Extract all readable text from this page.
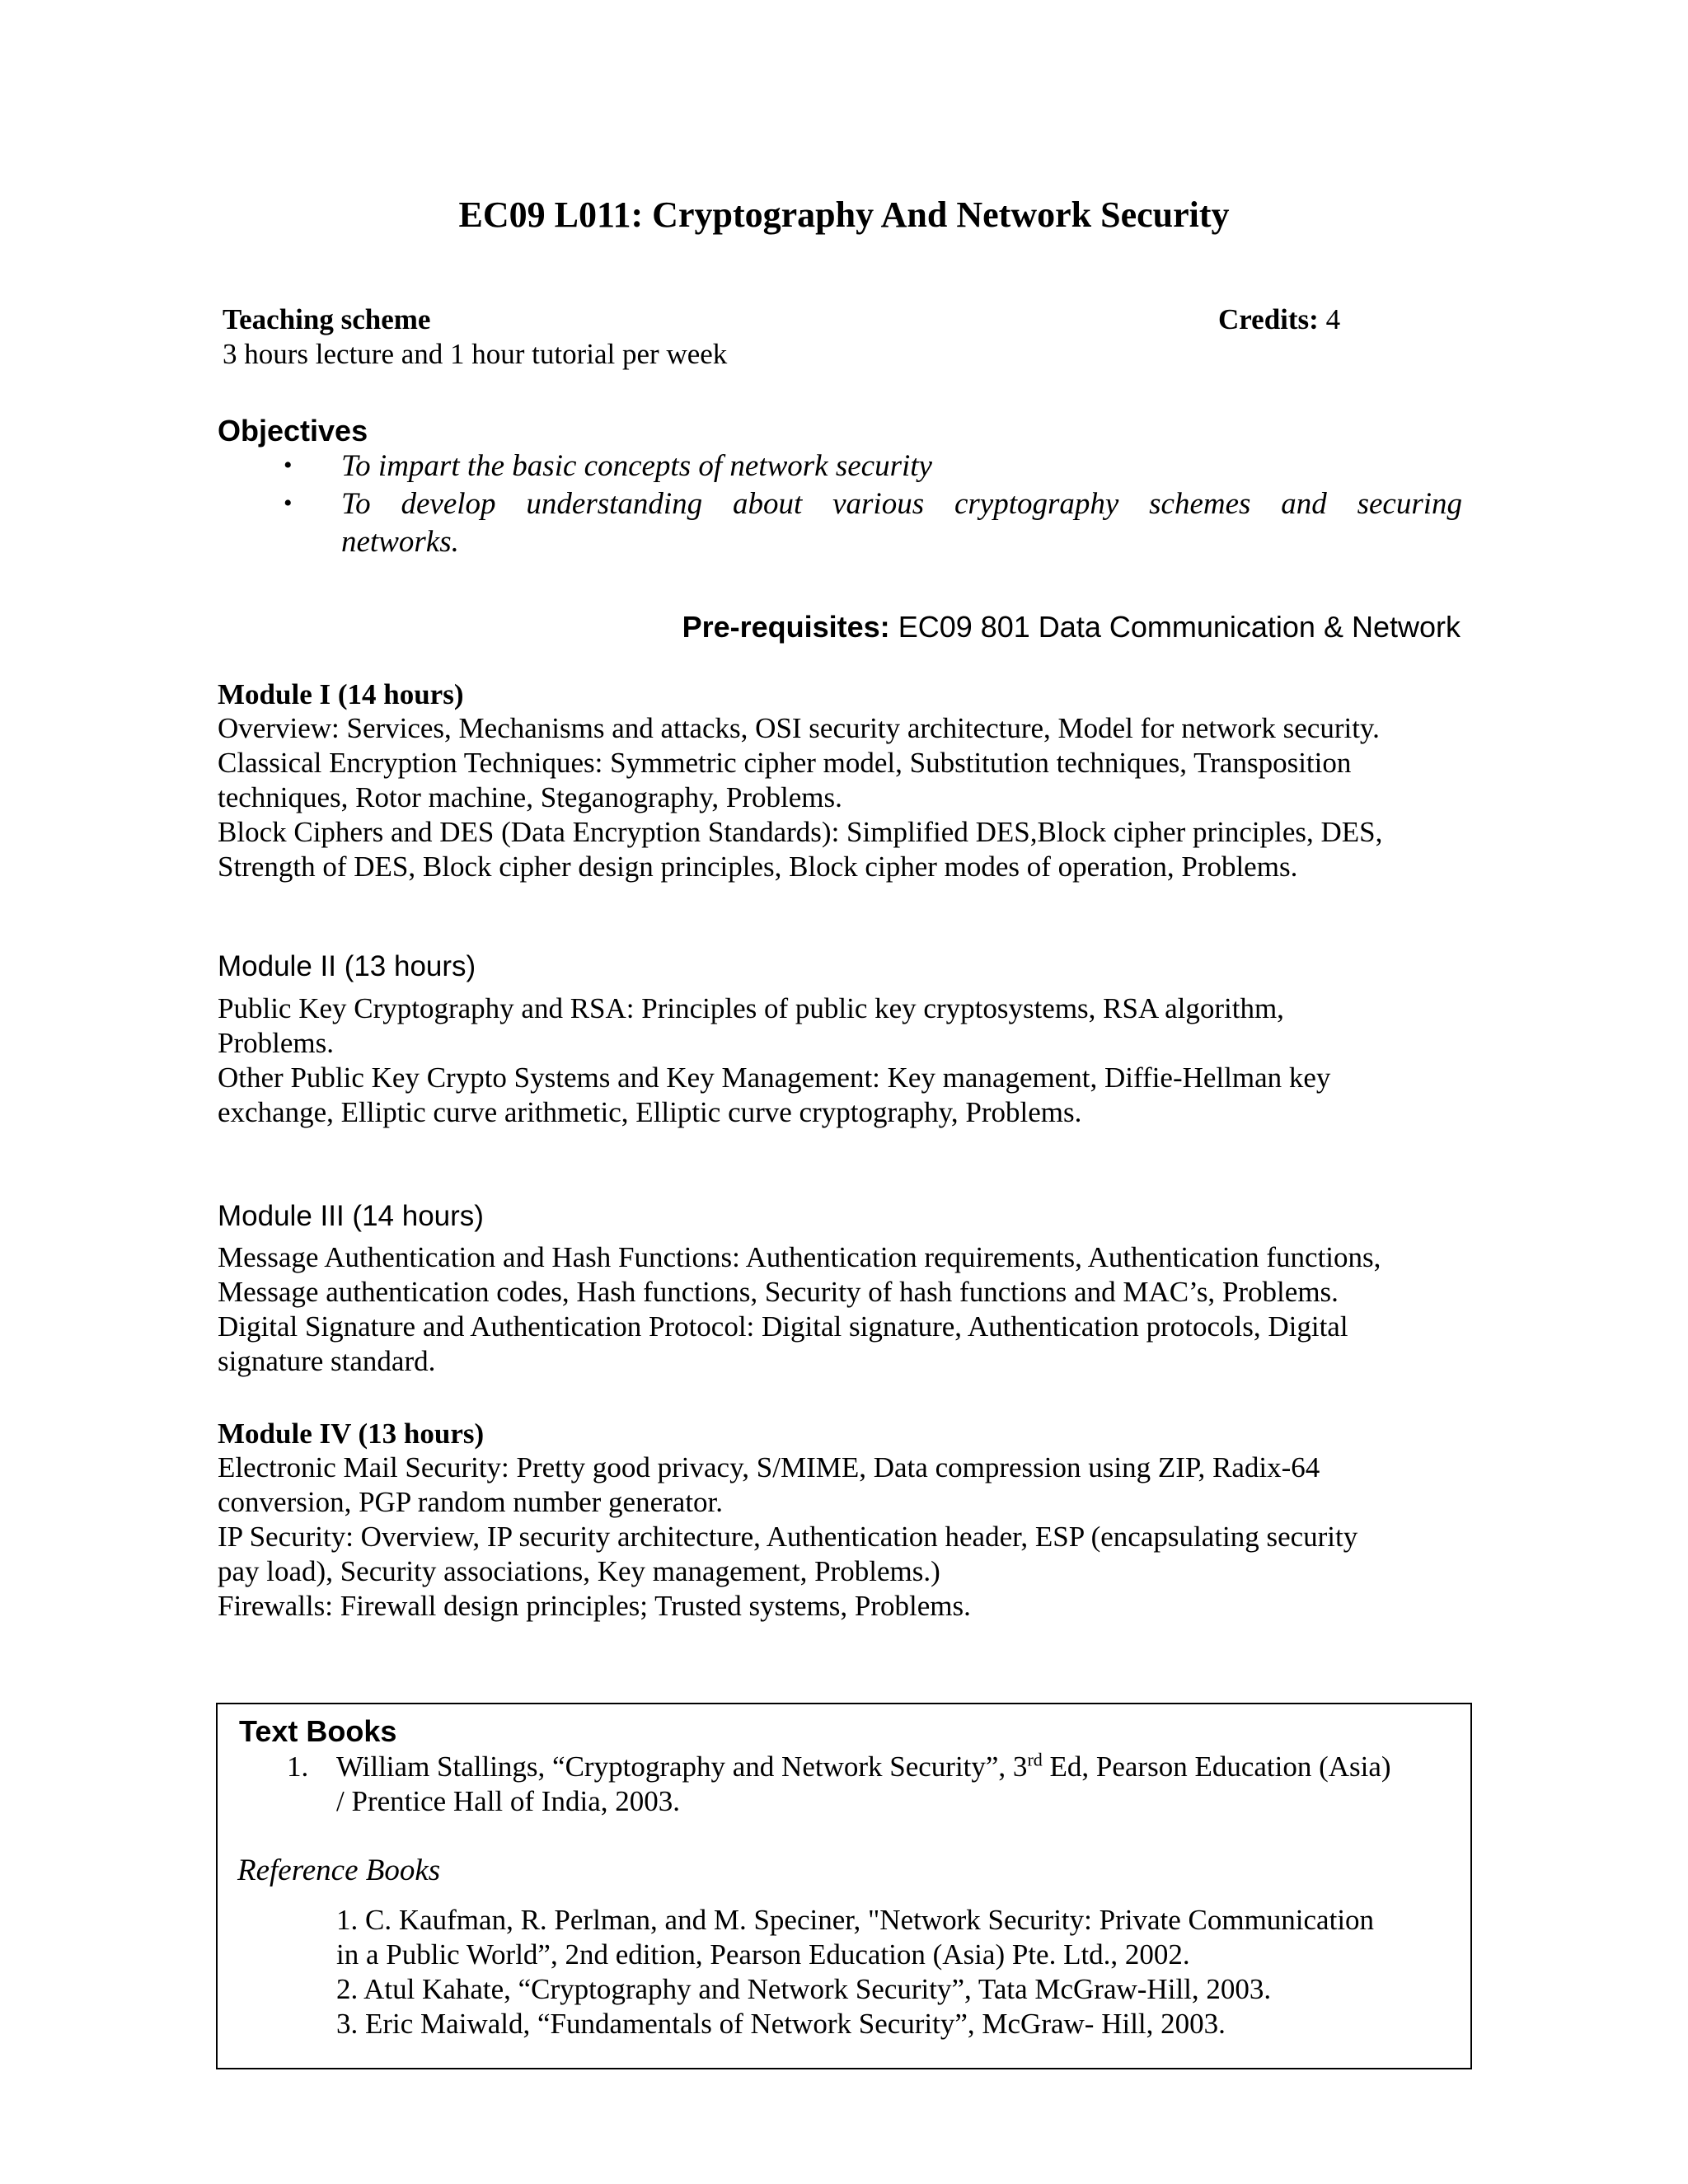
EC09 L011: Cryptography And Network Security
Teaching scheme	Credits: 4
3 hours lecture and 1 hour tutorial per week
Objectives
• To impart the basic concepts of network security
• To develop understanding about various cryptography schemes and securing
networks.
Pre-requisites: EC09 801 Data Communication & Network
Module I (14 hours)
Overview: Services, Mechanisms and attacks, OSI security architecture, Model for network security.
Classical Encryption Techniques: Symmetric cipher model, Substitution techniques, Transposition
techniques, Rotor machine, Steganography, Problems.
Block Ciphers and DES (Data Encryption Standards): Simplified DES,Block cipher principles, DES,
Strength of DES, Block cipher design principles, Block cipher modes of operation, Problems.
Module II (13 hours)
Public Key Cryptography and RSA: Principles of public key cryptosystems, RSA algorithm,
Problems.
Other Public Key Crypto Systems and Key Management: Key management, Diffie-Hellman key
exchange, Elliptic curve arithmetic, Elliptic curve cryptography, Problems.
Module III (14 hours)
Message Authentication and Hash Functions: Authentication requirements, Authentication functions,
Message authentication codes, Hash functions, Security of hash functions and MAC’s, Problems.
Digital Signature and Authentication Protocol: Digital signature, Authentication protocols, Digital
signature standard.
Module IV (13 hours)
Electronic Mail Security: Pretty good privacy, S/MIME, Data compression using ZIP, Radix-64
conversion, PGP random number generator.
IP Security: Overview, IP security architecture, Authentication header, ESP (encapsulating security
pay load), Security associations, Key management, Problems.)
Firewalls: Firewall design principles; Trusted systems, Problems.
Text Books
1. William Stallings, “Cryptography and Network Security”, 3rd Ed, Pearson Education (Asia)
/ Prentice Hall of India, 2003.
Reference Books
1. C. Kaufman, R. Perlman, and M. Speciner, "Network Security: Private Communication
in a Public World”, 2nd edition, Pearson Education (Asia) Pte. Ltd., 2002.
2. Atul Kahate, “Cryptography and Network Security”, Tata McGraw-Hill, 2003.
3. Eric Maiwald, “Fundamentals of Network Security”, McGraw- Hill, 2003.
